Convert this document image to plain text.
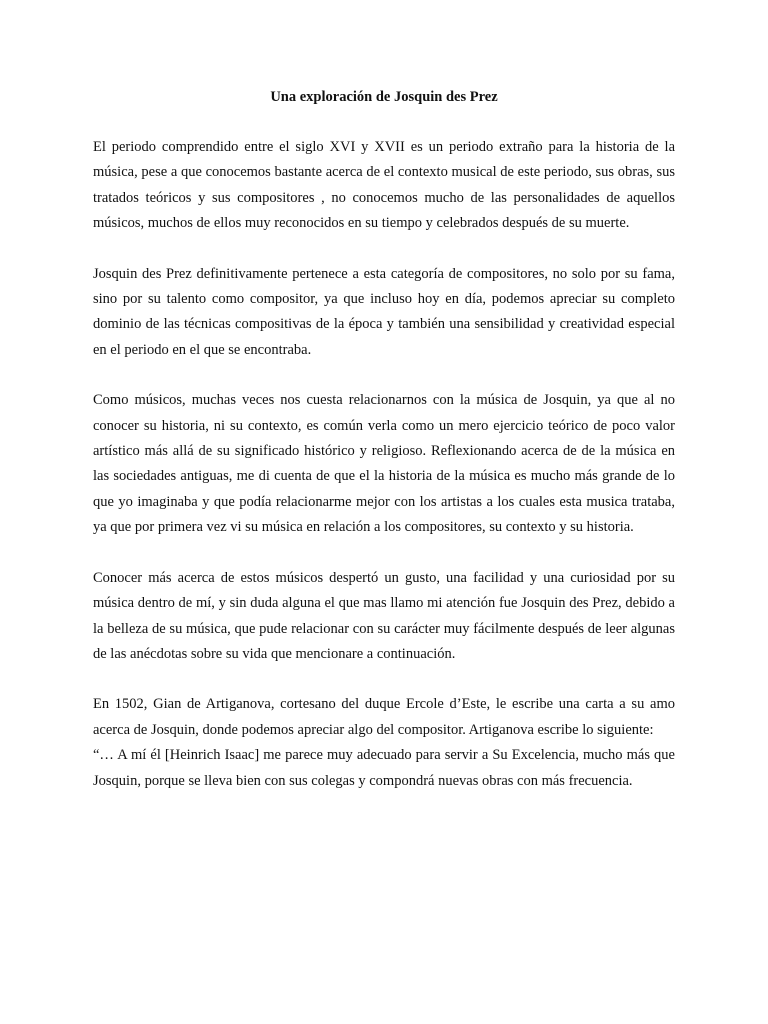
Una exploración de Josquin des Prez

El periodo comprendido entre el siglo XVI y XVII es un periodo extraño para la historia de la música, pese a que conocemos bastante acerca de el contexto musical de este periodo, sus obras, sus tratados teóricos y sus compositores , no conocemos mucho de las personalidades de aquellos músicos, muchos de ellos muy reconocidos en su tiempo y celebrados después de su muerte.

Josquin des Prez definitivamente pertenece a esta categoría de compositores, no solo por su fama, sino por su talento como compositor, ya que incluso hoy en día, podemos apreciar su completo dominio de las técnicas compositivas de la época y también una sensibilidad y creatividad especial en el periodo en el que se encontraba.

Como músicos, muchas veces nos cuesta relacionarnos con la música de Josquin, ya que al no conocer su historia, ni su contexto, es común verla como un mero ejercicio teórico de poco valor artístico más allá de su significado histórico y religioso. Reflexionando acerca de de la música en las sociedades antiguas, me di cuenta de que el la historia de la música es mucho más grande de lo que yo imaginaba y que podía relacionarme mejor con los artistas a los cuales esta musica trataba, ya que por primera vez vi su música en relación a los compositores, su contexto y su historia.

Conocer más acerca de estos músicos despertó un gusto, una facilidad y una curiosidad por su música dentro de mí, y sin duda alguna el que mas llamo mi atención fue Josquin des Prez, debido a la belleza de su música, que pude relacionar con su carácter muy fácilmente después de leer algunas de las anécdotas sobre su vida que mencionare a continuación.

En 1502, Gian de Artiganova, cortesano del duque Ercole d’Este, le escribe una carta a su amo acerca de Josquin, donde podemos apreciar algo del compositor. Artiganova escribe lo siguiente:

“… A mí él [Heinrich Isaac] me parece muy adecuado para servir a Su Excelencia, mucho más que Josquin, porque se lleva bien con sus colegas y compondrá nuevas obras con más frecuencia.
